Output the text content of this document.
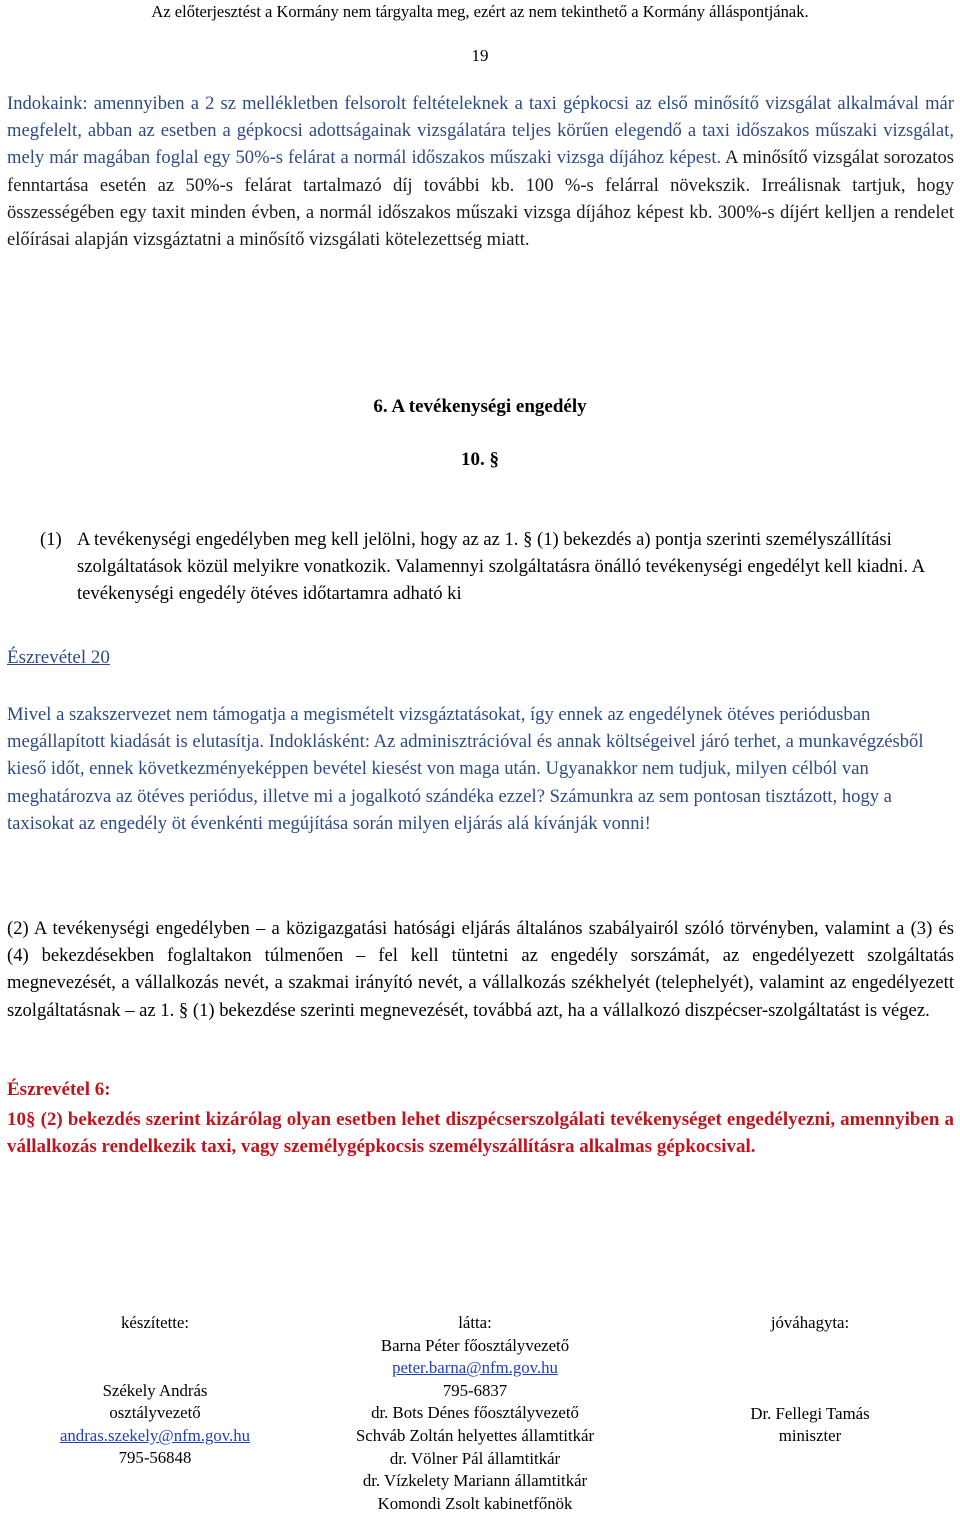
Az előterjesztést a Kormány nem tárgyalta meg, ezért az nem tekinthető a Kormány álláspontjának.
19
Indokaink: amennyiben a 2 sz mellékletben felsorolt feltételeknek a taxi gépkocsi az első minősítő vizsgálat alkalmával már megfelelt, abban az esetben a gépkocsi adottságainak vizsgálatára teljes körűen elegendő a taxi időszakos műszaki vizsgálat, mely már magában foglal egy 50%-s felárat a normál időszakos műszaki vizsga díjához képest. A minősítő vizsgálat sorozatos fenntartása esetén az 50%-s felárat tartalmazó díj további kb. 100 %-s felárral növekszik. Irreálisnak tartjuk, hogy összességében egy taxit minden évben, a normál időszakos műszaki vizsga díjához képest kb. 300%-s díjért kelljen a rendelet előírásai alapján vizsgáztatni a minősítő vizsgálati kötelezettség miatt.
6. A tevékenységi engedély
10. §
(1) A tevékenységi engedélyben meg kell jelölni, hogy az az 1. § (1) bekezdés a) pontja szerinti személyszállítási szolgáltatások közül melyikre vonatkozik. Valamennyi szolgáltatásra önálló tevékenységi engedélyt kell kiadni. A tevékenységi engedély ötéves időtartamra adható ki
Észrevétel 20
Mivel a szakszervezet nem támogatja a megismételt vizsgáztatásokat, így ennek az engedélynek ötéves periódusban megállapított kiadását is elutasítja. Indoklásként: Az adminisztrációval és annak költségeivel járó terhet, a munkavégzésből kieső időt, ennek következményeképpen bevétel kiesést von maga után. Ugyanakkor nem tudjuk, milyen célból van meghatározva az ötéves periódus, illetve mi a jogalkotó szándéka ezzel? Számunkra az sem pontosan tisztázott, hogy a taxisokat az engedély öt évenkénti megújítása során milyen eljárás alá kívánják vonni!
(2) A tevékenységi engedélyben – a közigazgatási hatósági eljárás általános szabályairól szóló törvényben, valamint a (3) és (4) bekezdésekben foglaltakon túlmenően – fel kell tüntetni az engedély sorszámát, az engedélyezett szolgáltatás megnevezését, a vállalkozás nevét, a szakmai irányító nevét, a vállalkozás székhelyét (telephelyét), valamint az engedélyezett szolgáltatásnak – az 1. § (1) bekezdése szerinti megnevezését, továbbá azt, ha a vállalkozó diszpécser-szolgáltatást is végez.
Észrevétel 6:
10§ (2) bekezdés szerint kizárólag olyan esetben lehet diszpécserszolgálati tevékenységet engedélyezni, amennyiben a vállalkozás rendelkezik taxi, vagy személygépkocsis személyszállításra alkalmas gépkocsival.
készítette:
Székely András
osztályvezető
andras.szekely@nfm.gov.hu
795-56848
látta:
Barna Péter főosztályvezető
peter.barna@nfm.gov.hu
795-6837
dr. Bots Dénes főosztályvezető
Schváb Zoltán helyettes államtitkár
dr. Völner Pál államtitkár
dr. Vízkelety Mariann államtitkár
Komondi Zsolt kabinetfőnök
jóváhagyta:
Dr. Fellegi Tamás
miniszter
